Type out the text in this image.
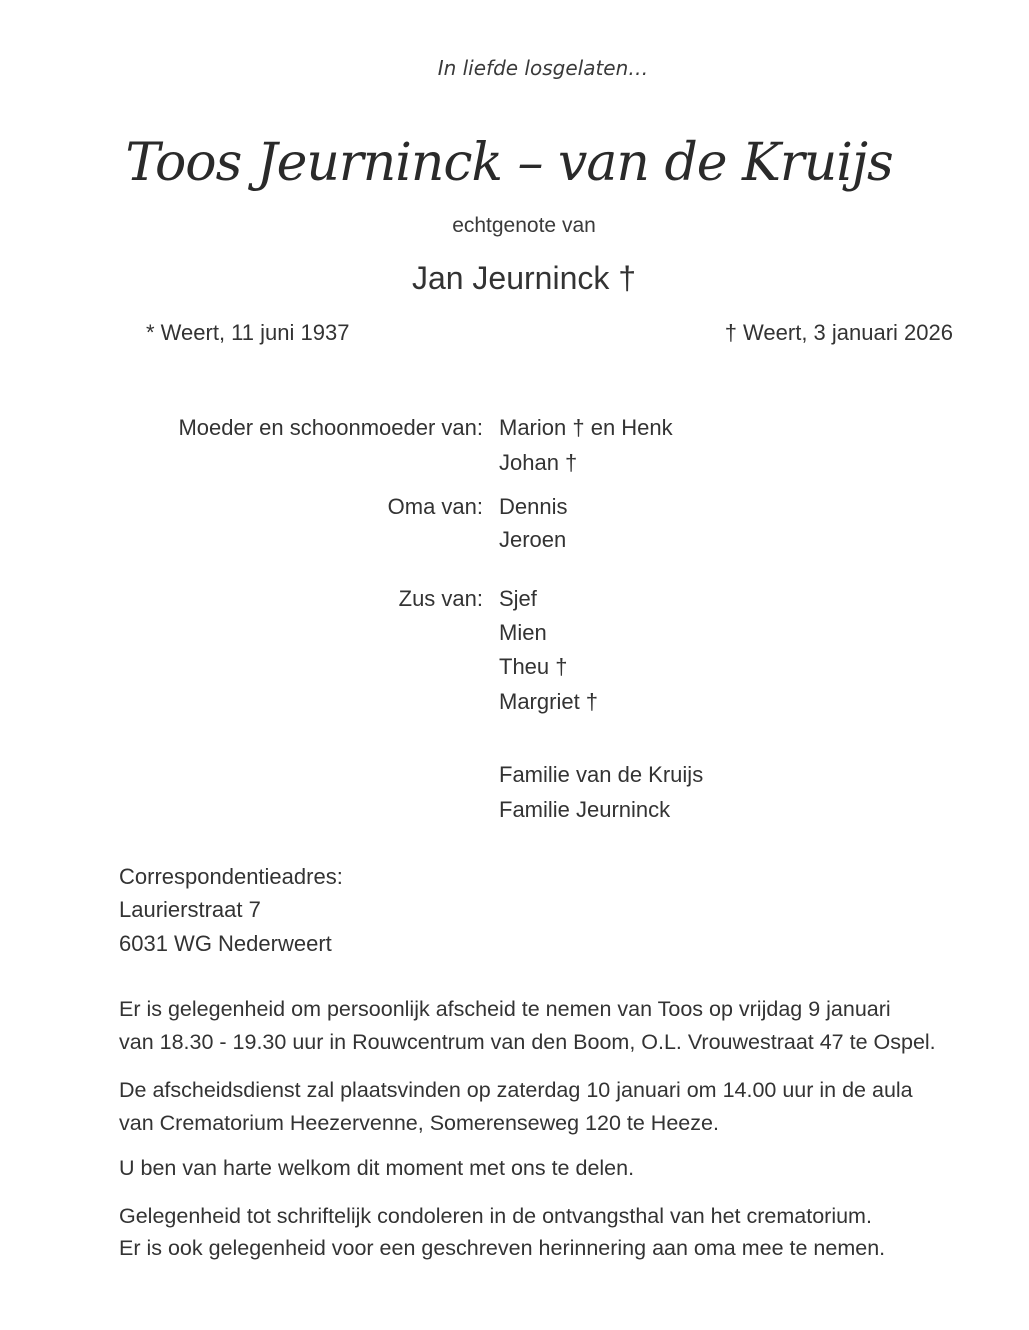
In liefde losgelaten…
Toos Jeurninck – van de Kruijs
echtgenote van
Jan Jeurninck †
* Weert, 11 juni 1937	† Weert, 3 januari 2026
Moeder en schoonmoeder van: Marion † en Henk
Johan †
Oma van: Dennis
Jeroen
Zus van: Sjef
Mien
Theu †
Margriet †
Familie van de Kruijs
Familie Jeurninck
Correspondentieadres:
Laurierstraat 7
6031 WG Nederweert
Er is gelegenheid om persoonlijk afscheid te nemen van Toos op vrijdag 9 januari
van 18.30 - 19.30 uur in Rouwcentrum van den Boom, O.L. Vrouwestraat 47 te Ospel.
De afscheidsdienst zal plaatsvinden op zaterdag 10 januari om 14.00 uur in de aula
van Crematorium Heezervenne, Somerenseweg 120 te Heeze.
U ben van harte welkom dit moment met ons te delen.
Gelegenheid tot schriftelijk condoleren in de ontvangsthal van het crematorium.
Er is ook gelegenheid voor een geschreven herinnering aan oma mee te nemen.
